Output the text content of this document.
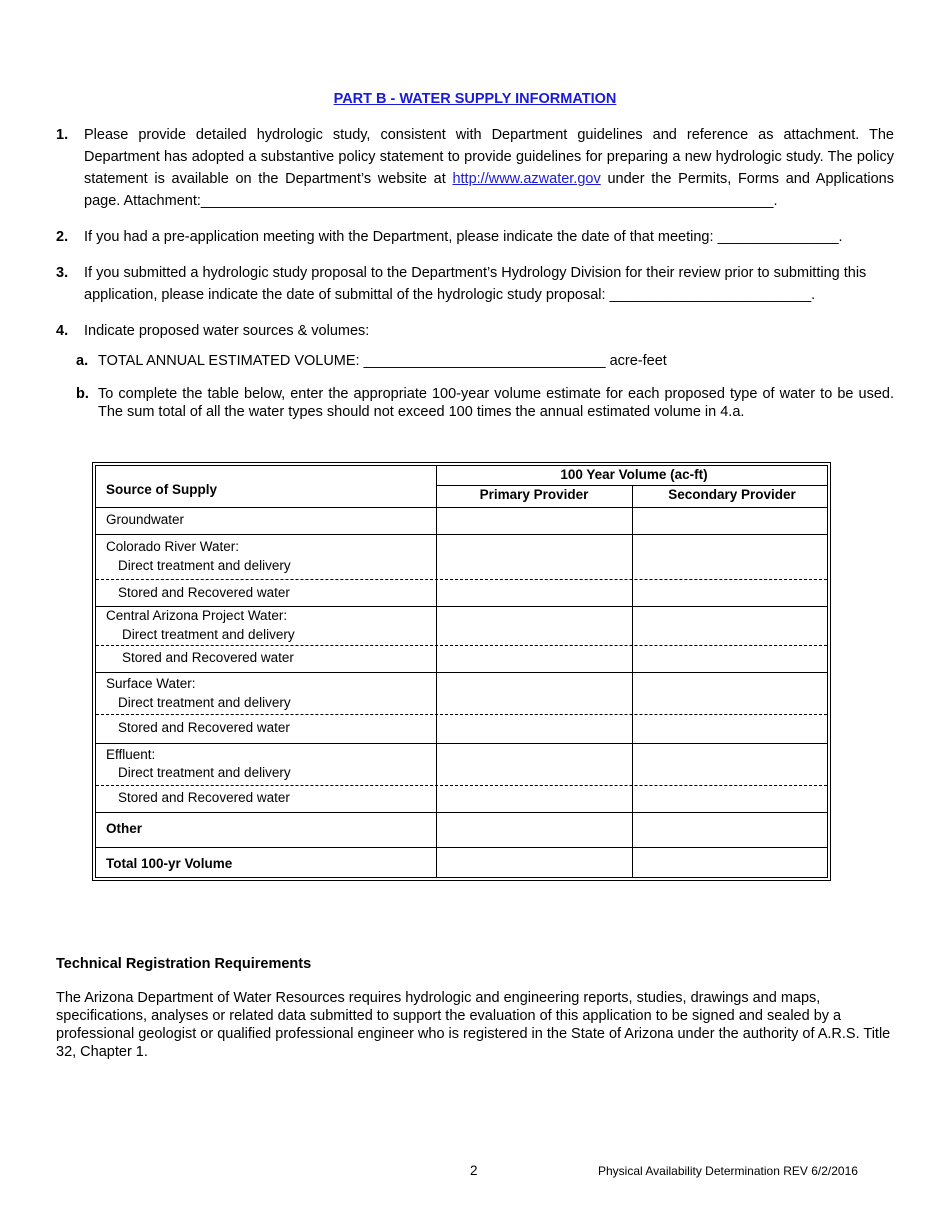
PART B - WATER SUPPLY INFORMATION
1. Please provide detailed hydrologic study, consistent with Department guidelines and reference as attachment. The Department has adopted a substantive policy statement to provide guidelines for preparing a new hydrologic study. The policy statement is available on the Department’s website at http://www.azwater.gov under the Permits, Forms and Applications page. Attachment:_______________________________________________________________________.
2. If you had a pre-application meeting with the Department, please indicate the date of that meeting: _______________.
3. If you submitted a hydrologic study proposal to the Department’s Hydrology Division for their review prior to submitting this application, please indicate the date of submittal of the hydrologic study proposal: _________________________.
4. Indicate proposed water sources & volumes:
a. TOTAL ANNUAL ESTIMATED VOLUME: ______________________________ acre-feet
b. To complete the table below, enter the appropriate 100-year volume estimate for each proposed type of water to be used. The sum total of all the water types should not exceed 100 times the annual estimated volume in 4.a.
Source of Supply
100 Year Volume (ac-ft)
Primary Provider	Secondary Provider
Groundwater
Colorado River Water:
Direct treatment and delivery
Stored and Recovered water
Central Arizona Project Water:
Direct treatment and delivery
Stored and Recovered water
Surface Water:
Direct treatment and delivery
Stored and Recovered water
Effluent:
Direct treatment and delivery
Stored and Recovered water
Other
Total 100-yr Volume
Technical Registration Requirements
The Arizona Department of Water Resources requires hydrologic and engineering reports, studies, drawings and maps, specifications, analyses or related data submitted to support the evaluation of this application to be signed and sealed by a professional geologist or qualified professional engineer who is registered in the State of Arizona under the authority of A.R.S. Title 32, Chapter 1.
2	Physical Availability Determination REV 6/2/2016
